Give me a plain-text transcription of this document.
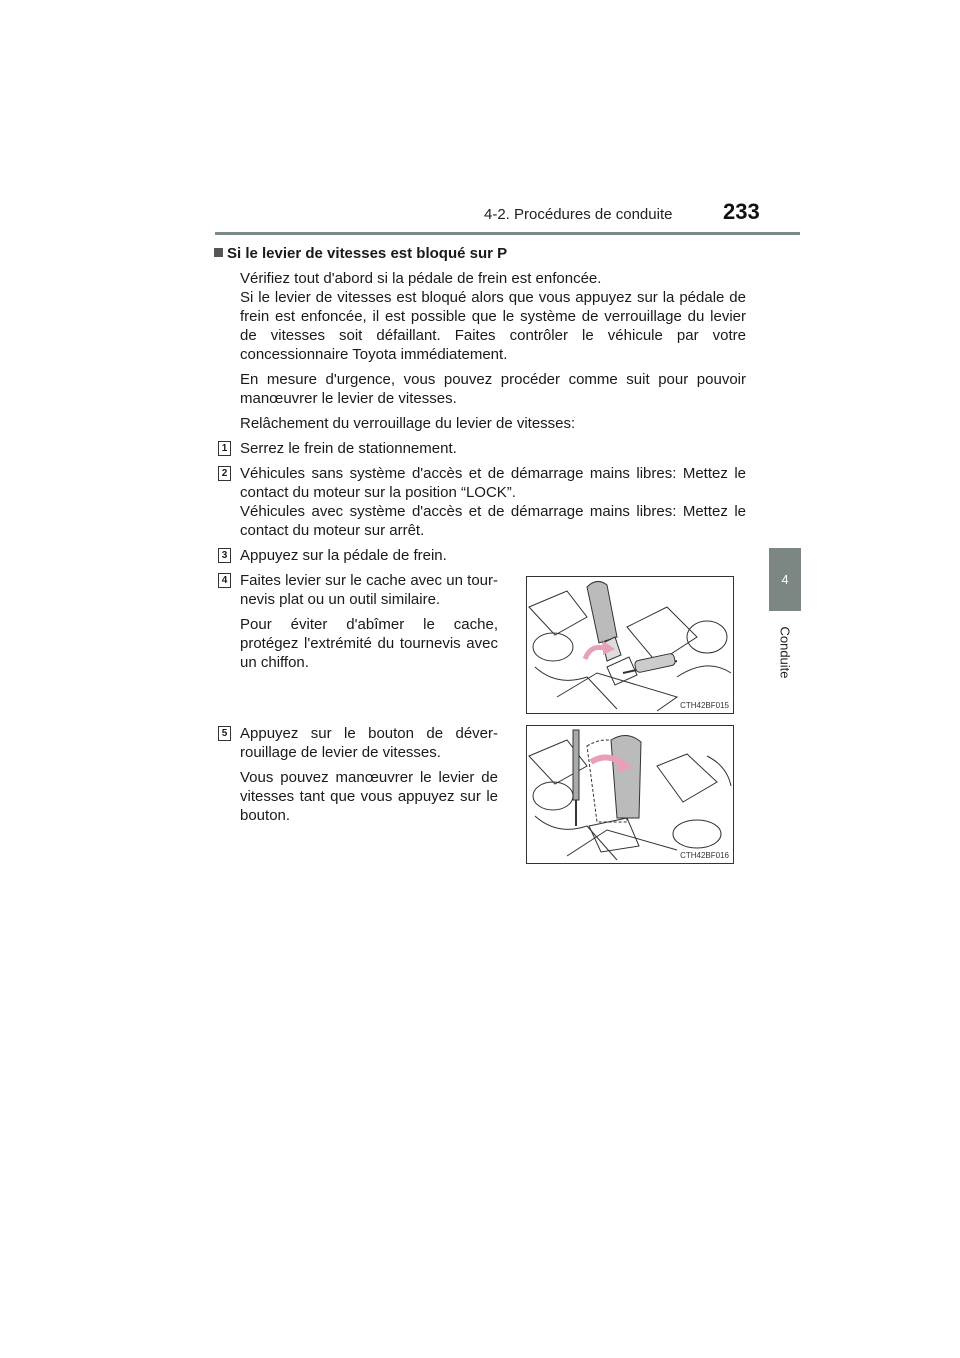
4-2. Procédures de conduite 233
4
Conduite
Si le levier de vitesses est bloqué sur P

Vérifiez tout d'abord si la pédale de frein est enfoncée.

Si le levier de vitesses est bloqué alors que vous appuyez sur la pédale de frein est enfoncée, il est possible que le système de verrouillage du levier de vitesses soit défaillant. Faites contrôler le véhicule par votre concessionnaire Toyota immédiatement.

En mesure d'urgence, vous pouvez procéder comme suit pour pouvoir manœuvrer le levier de vitesses.

Relâchement du verrouillage du levier de vitesses:

1 Serrez le frein de stationnement.
2 Véhicules sans système d'accès et de démarrage mains libres: Mettez le contact du moteur sur la position “LOCK”.
Véhicules avec système d'accès et de démarrage mains libres: Mettez le contact du moteur sur arrêt.
3 Appuyez sur la pédale de frein.
4 Faites levier sur le cache avec un tournevis plat ou un outil similaire.
Pour éviter d'abîmer le cache, protégez l'extrémité du tournevis avec un chiffon.
5 Appuyez sur le bouton de déverrouillage de levier de vitesses.
Vous pouvez manœuvrer le levier de vitesses tant que vous appuyez sur le bouton.
CTH42BF015
CTH42BF016
